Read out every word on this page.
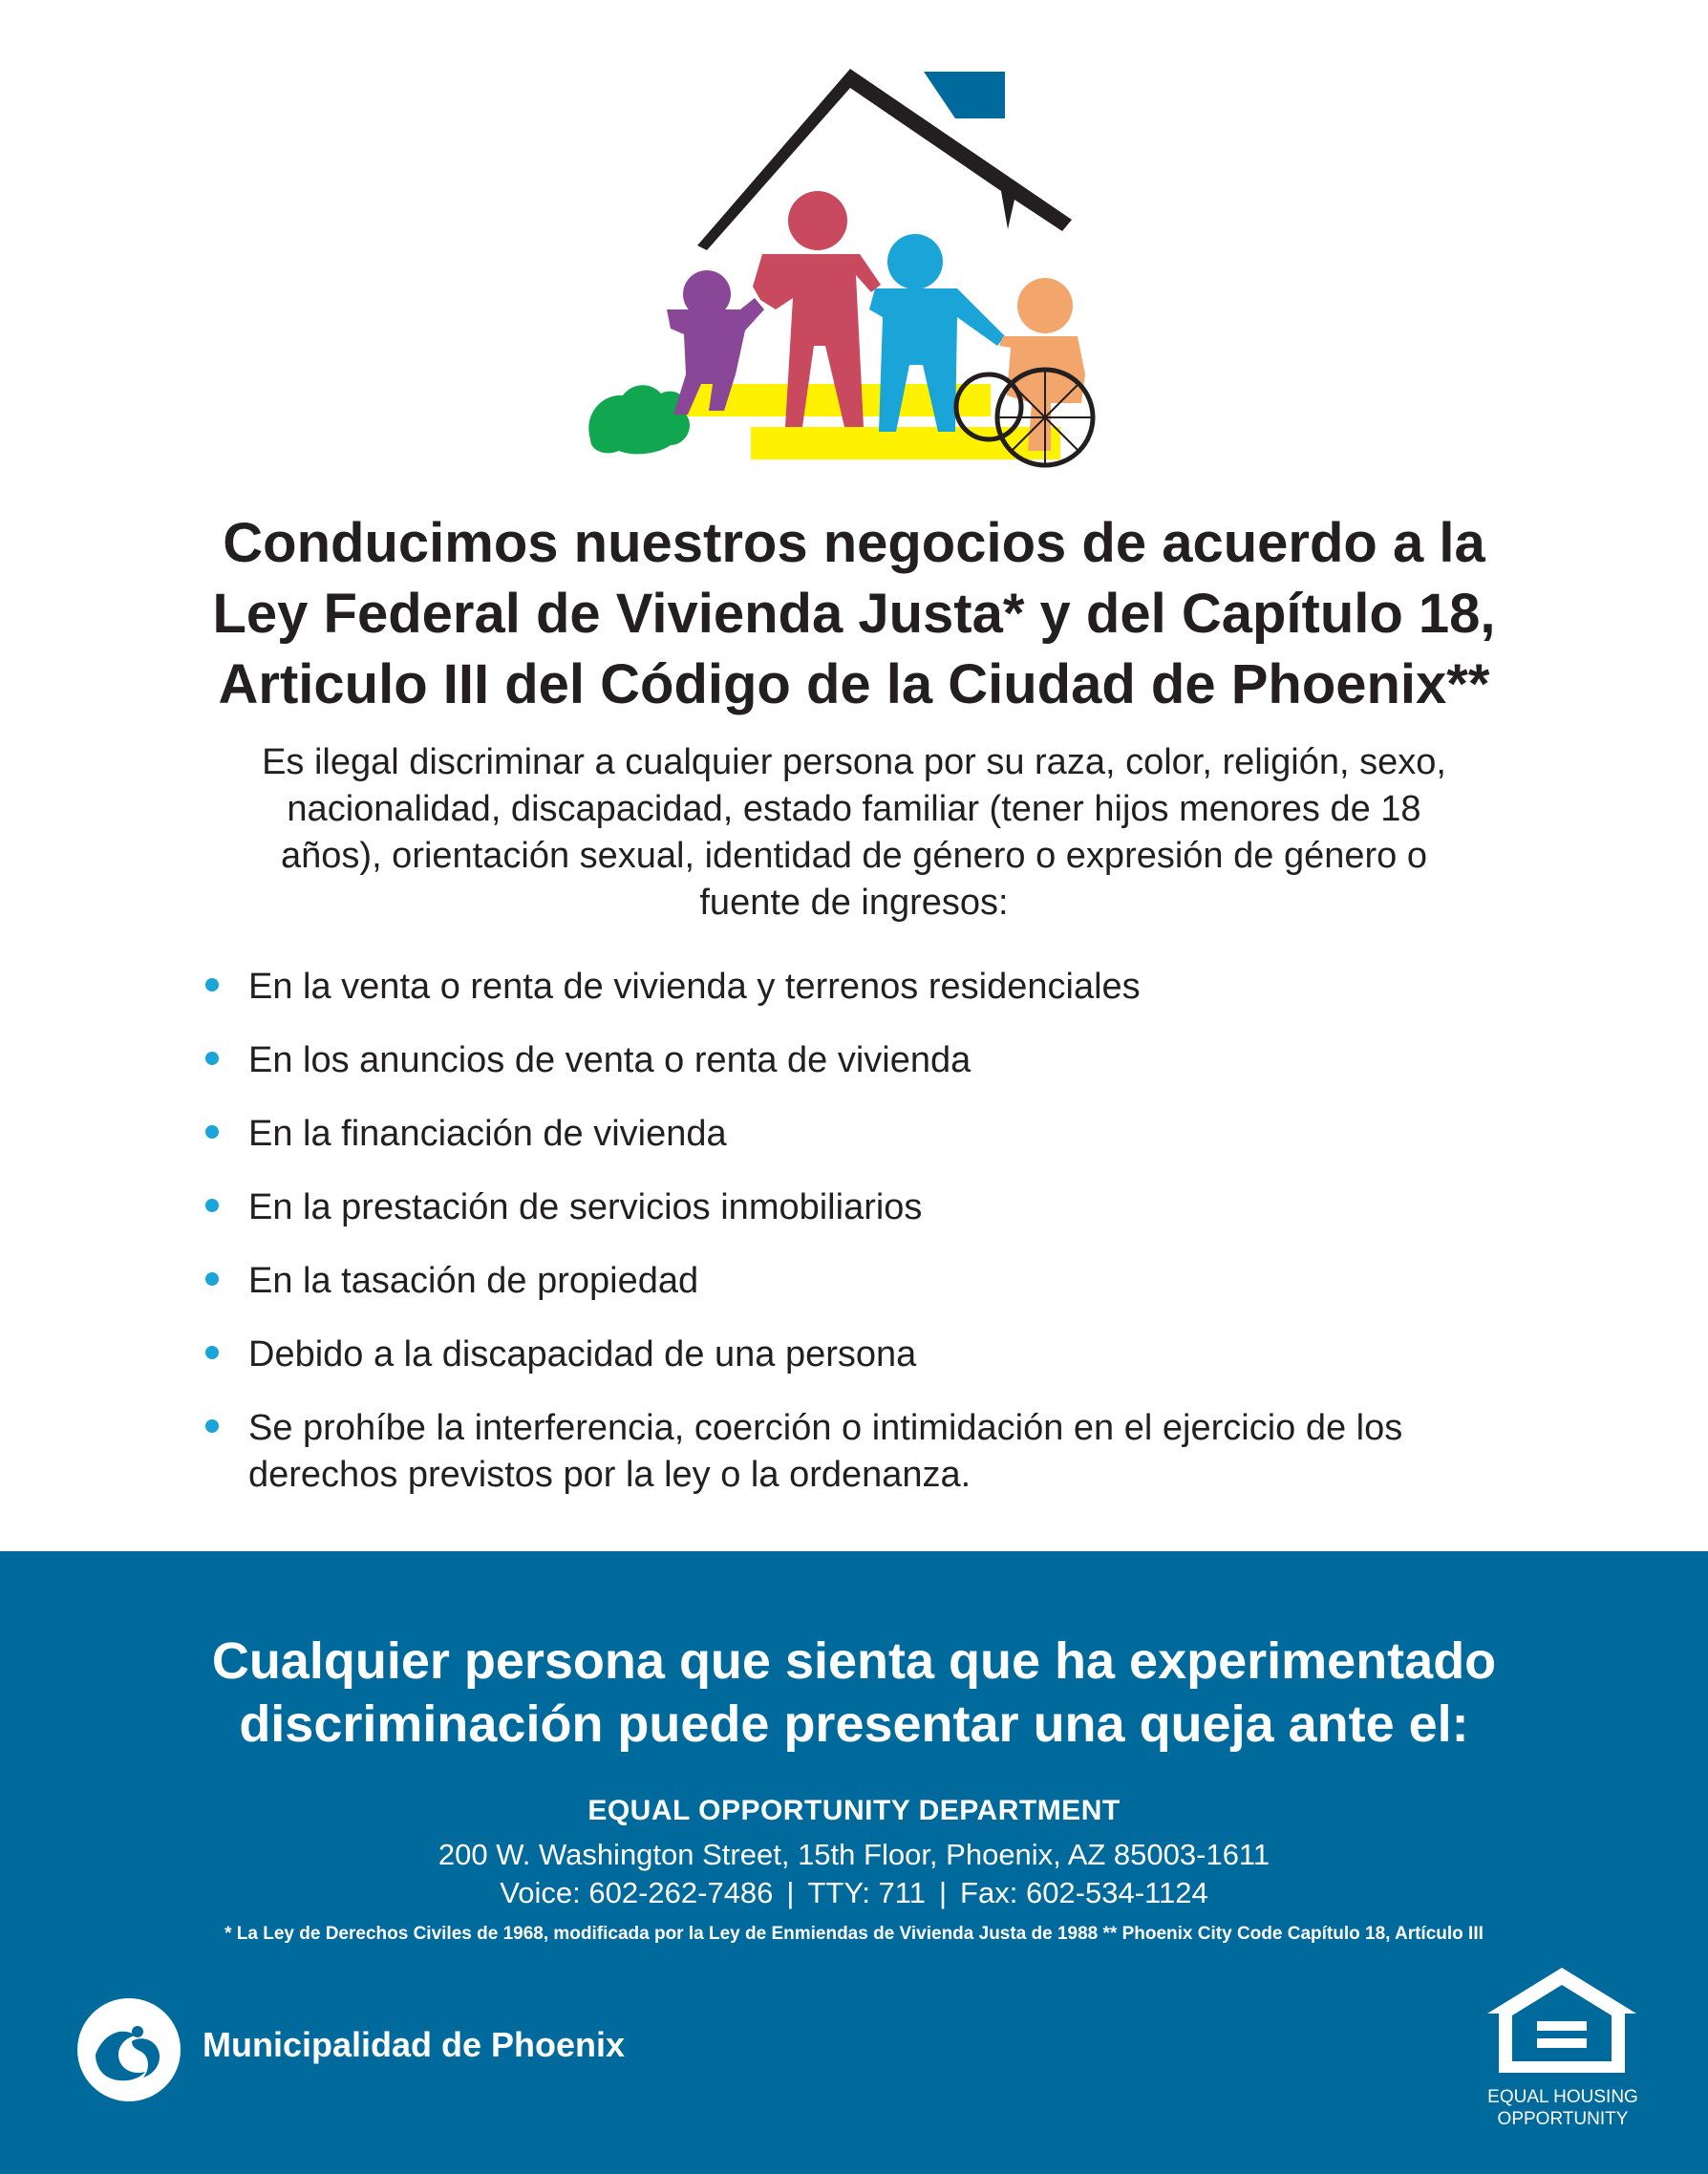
Conducimos nuestros negocios de acuerdo a la
Ley Federal de Vivienda Justa* y del Capítulo 18,
Articulo III del Código de la Ciudad de Phoenix**

Es ilegal discriminar a cualquier persona por su raza, color, religión, sexo,
nacionalidad, discapacidad, estado familiar (tener hijos menores de 18
años), orientación sexual, identidad de género o expresión de género o
fuente de ingresos:

En la venta o renta de vivienda y terrenos residenciales
En los anuncios de venta o renta de vivienda
En la financiación de vivienda
En la prestación de servicios inmobiliarios
En la tasación de propiedad
Debido a la discapacidad de una persona
Se prohíbe la interferencia, coerción o intimidación en el ejercicio de los
derechos previstos por la ley o la ordenanza.
Cualquier persona que sienta que ha experimentado
discriminación puede presentar una queja ante el:
EQUAL OPPORTUNITY DEPARTMENT
200 W. Washington Street, 15th Floor, Phoenix, AZ 85003-1611
Voice: 602-262-7486 | TTY: 711 | Fax: 602-534-1124
* La Ley de Derechos Civiles de 1968, modificada por la Ley de Enmiendas de Vivienda Justa de 1988 ** Phoenix City Code Capítulo 18, Artículo III
Municipalidad de Phoenix
EQUAL HOUSING
OPPORTUNITY
